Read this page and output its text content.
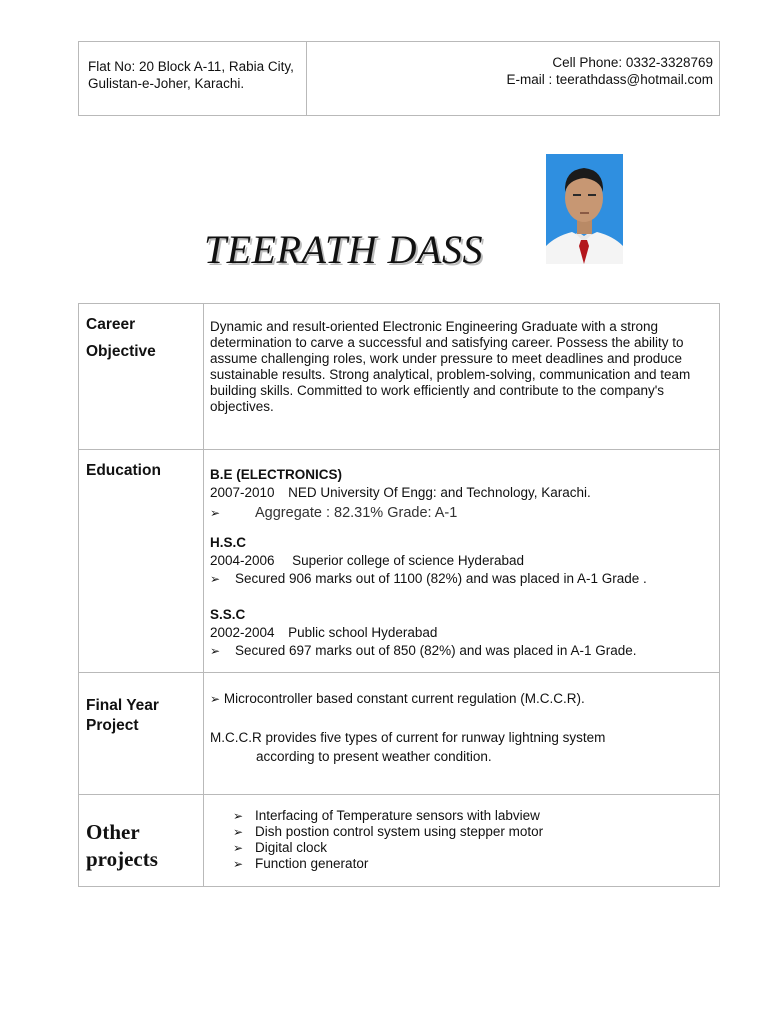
Flat No: 20 Block A-11, Rabia City,
Gulistan-e-Joher, Karachi.
Cell Phone: 0332-3328769
E-mail : teerathdass@hotmail.com
TEERATH DASS
Career
Objective
Dynamic and result-oriented Electronic Engineering Graduate with a strong
determination to carve a successful and satisfying career. Possess the ability to
assume challenging roles, work under pressure to meet deadlines and produce
sustainable results. Strong analytical, problem-solving, communication and team
building skills. Committed to work efficiently and contribute to the company's
objectives.
Education	B.E (ELECTRONICS)
2007-2010 NED University Of Engg: and Technology, Karachi.
➢ Aggregate : 82.31% Grade: A-1
H.S.C
2004-2006 Superior college of science Hyderabad
➢ Secured 906 marks out of 1100 (82%) and was placed in A-1 Grade .
S.S.C
2002-2004 Public school Hyderabad
➢ Secured 697 marks out of 850 (82%) and was placed in A-1 Grade.
Final Year
Project
➢ Microcontroller based constant current regulation (M.C.C.R).
M.C.C.R provides five types of current for runway lightning system
according to present weather condition.
Other
projects
➢ Interfacing of Temperature sensors with labview
➢ Dish postion control system using stepper motor
➢ Digital clock
➢ Function generator
